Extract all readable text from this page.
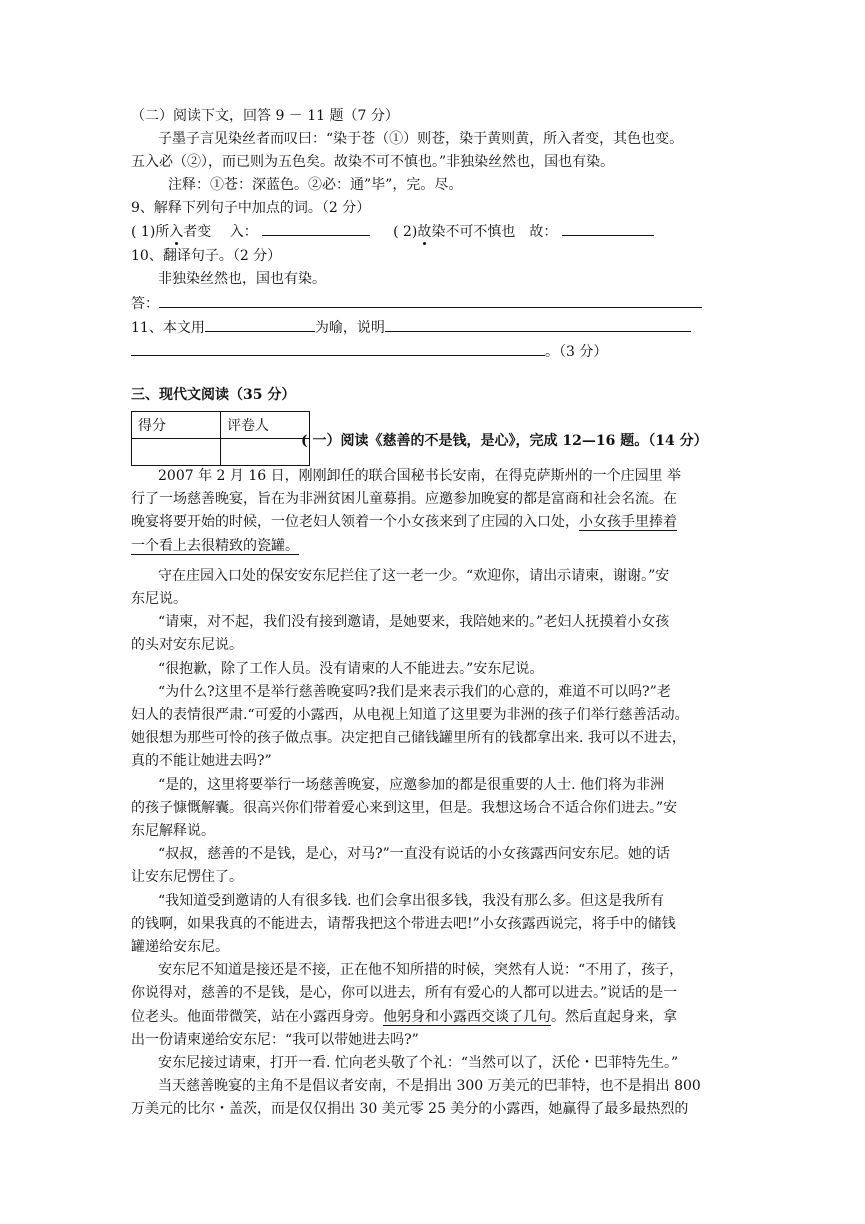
（二）阅读下文，回答 9 － 11 题（7 分）
子墨子言见染丝者而叹曰：“染于苍（①）则苍，染于黄则黄，所入者变，其色也变。
五入必（②），而已则为五色矣。故染不可不慎也。”非独染丝然也，国也有染。
注释：①苍：深蓝色。②必：通”毕”，完。尽。
9、解释下列句子中加点的词。（2 分）
( 1)所入者变　 入：	( 2)故染不可不慎也　故：
10、翻译句子。（2 分）
非独染丝然也，国也有染。
答：
11、本文用	为喻，说明
。（3 分）
三、现代文阅读（35 分）
得分	评卷人

( 一）阅读《慈善的不是钱，是心》，完成 12—16 题。（14 分）
2007 年 2 月 16 日，刚刚卸任的联合国秘书长安南，在得克萨斯州的一个庄园里 举
行了一场慈善晚宴，旨在为非洲贫困儿童募捐。应邀参加晚宴的都是富商和社会名流。在
晚宴将要开始的时候，一位老妇人领着一个小女孩来到了庄园的入口处，小女孩手里捧着
一个看上去很精致的瓷罐。
守在庄园入口处的保安安东尼拦住了这一老一少。“欢迎你，请出示请柬，谢谢。”安
东尼说。
“请柬，对不起，我们没有接到邀请，是她要来，我陪她来的。”老妇人抚摸着小女孩
的头对安东尼说。
“很抱歉，除了工作人员。没有请柬的人不能进去。”安东尼说。
“为什么?这里不是举行慈善晚宴吗?我们是来表示我们的心意的，难道不可以吗?”老
妇人的表情很严肃.“可爱的小露西，从电视上知道了这里要为非洲的孩子们举行慈善活动。
她很想为那些可怜的孩子做点事。决定把自己储钱罐里所有的钱都拿出来. 我可以不进去，
真的不能让她进去吗?”
“是的，这里将要举行一场慈善晚宴，应邀参加的都是很重要的人士. 他们将为非洲
的孩子慷慨解囊。很高兴你们带着爱心来到这里，但是。我想这场合不适合你们进去。”安
东尼解释说。
“叔叔，慈善的不是钱，是心，对马?”一直没有说话的小女孩露西问安东尼。她的话
让安东尼愣住了。
“我知道受到邀请的人有很多钱. 也们会拿出很多钱，我没有那么多。但这是我所有
的钱啊，如果我真的不能进去，请帮我把这个带进去吧!”小女孩露西说完，将手中的储钱
罐递给安东尼。
安东尼不知道是接还是不接，正在他不知所措的时候，突然有人说：“不用了，孩子，
你说得对，慈善的不是钱，是心，你可以进去，所有有爱心的人都可以进去。”说话的是一
位老头。他面带微笑，站在小露西身旁。他躬身和小露西交谈了几句。然后直起身来，拿
出一份请柬递给安东尼：“我可以带她进去吗?”
安东尼接过请柬，打开一看. 忙向老头敬了个礼：“当然可以了，沃伦・巴菲特先生。”
当天慈善晚宴的主角不是倡议者安南，不是捐出 300 万美元的巴菲特，也不是捐出 800
万美元的比尔・盖茨，而是仅仅捐出 30 美元零 25 美分的小露西，她赢得了最多最热烈的
